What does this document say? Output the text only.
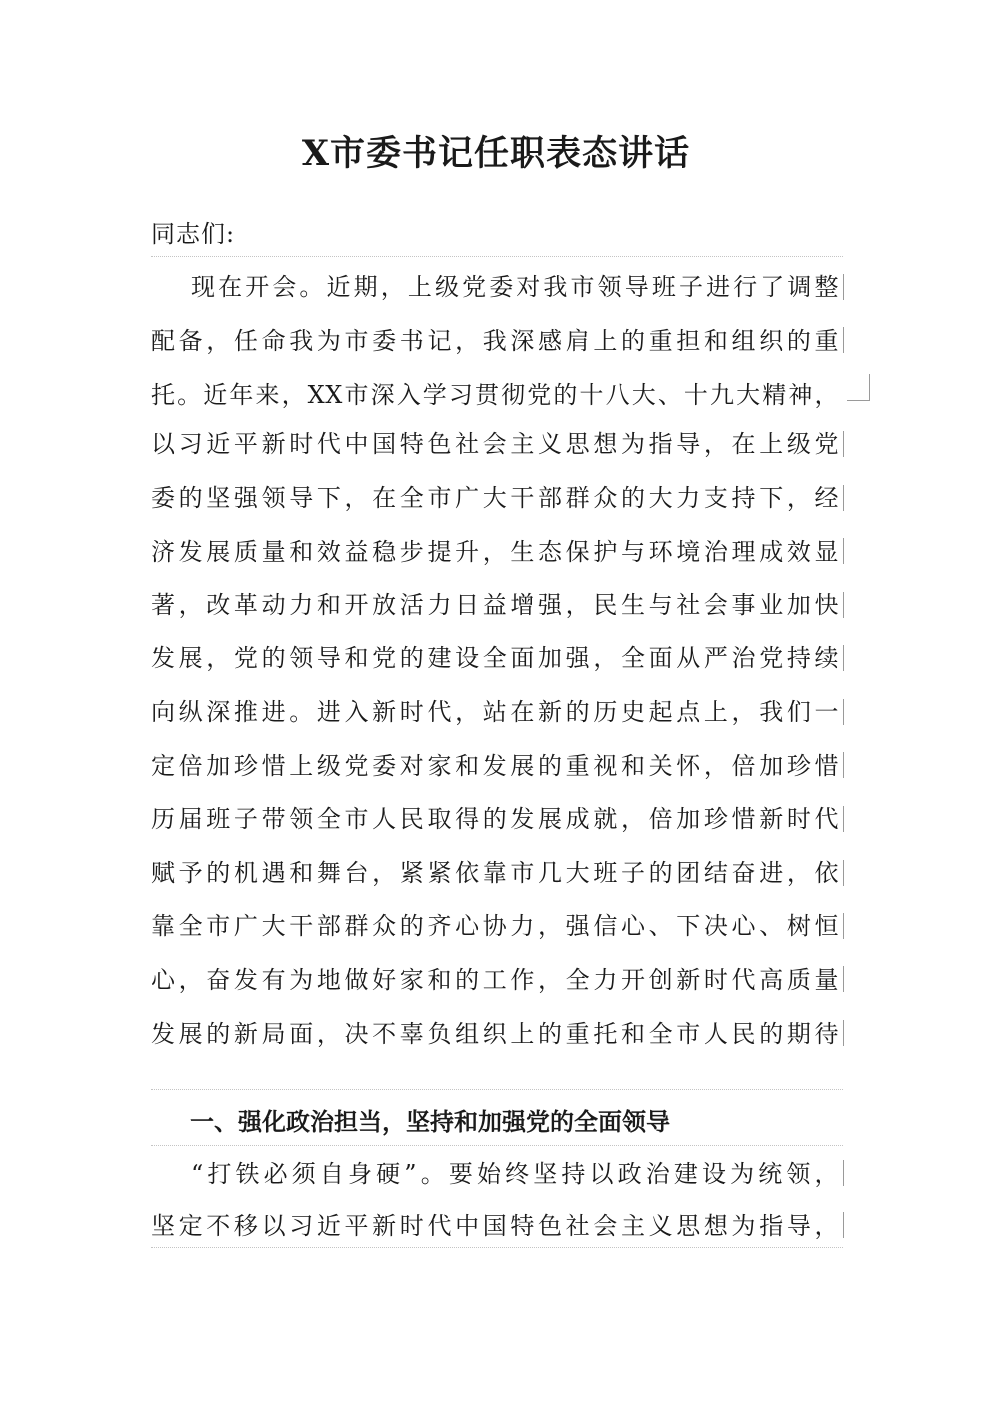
X市委书记任职表态讲话
同志们:
现在开会。近期，上级党委对我市领导班子进行了调整
配备，任命我为市委书记，我深感肩上的重担和组织的重
托。近年来，XX市深入学习贯彻党的十八大、十九大精神，
以习近平新时代中国特色社会主义思想为指导，在上级党
委的坚强领导下，在全市广大干部群众的大力支持下，经
济发展质量和效益稳步提升，生态保护与环境治理成效显
著，改革动力和开放活力日益增强，民生与社会事业加快
发展，党的领导和党的建设全面加强，全面从严治党持续
向纵深推进。进入新时代，站在新的历史起点上，我们一
定倍加珍惜上级党委对家和发展的重视和关怀，倍加珍惜
历届班子带领全市人民取得的发展成就，倍加珍惜新时代
赋予的机遇和舞台，紧紧依靠市几大班子的团结奋进，依
靠全市广大干部群众的齐心协力，强信心、下决心、树恒
心，奋发有为地做好家和的工作，全力开创新时代高质量
发展的新局面，决不辜负组织上的重托和全市人民的期待
一、强化政治担当，坚持和加强党的全面领导
“打铁必须自身硬”。要始终坚持以政治建设为统领，
坚定不移以习近平新时代中国特色社会主义思想为指导，
